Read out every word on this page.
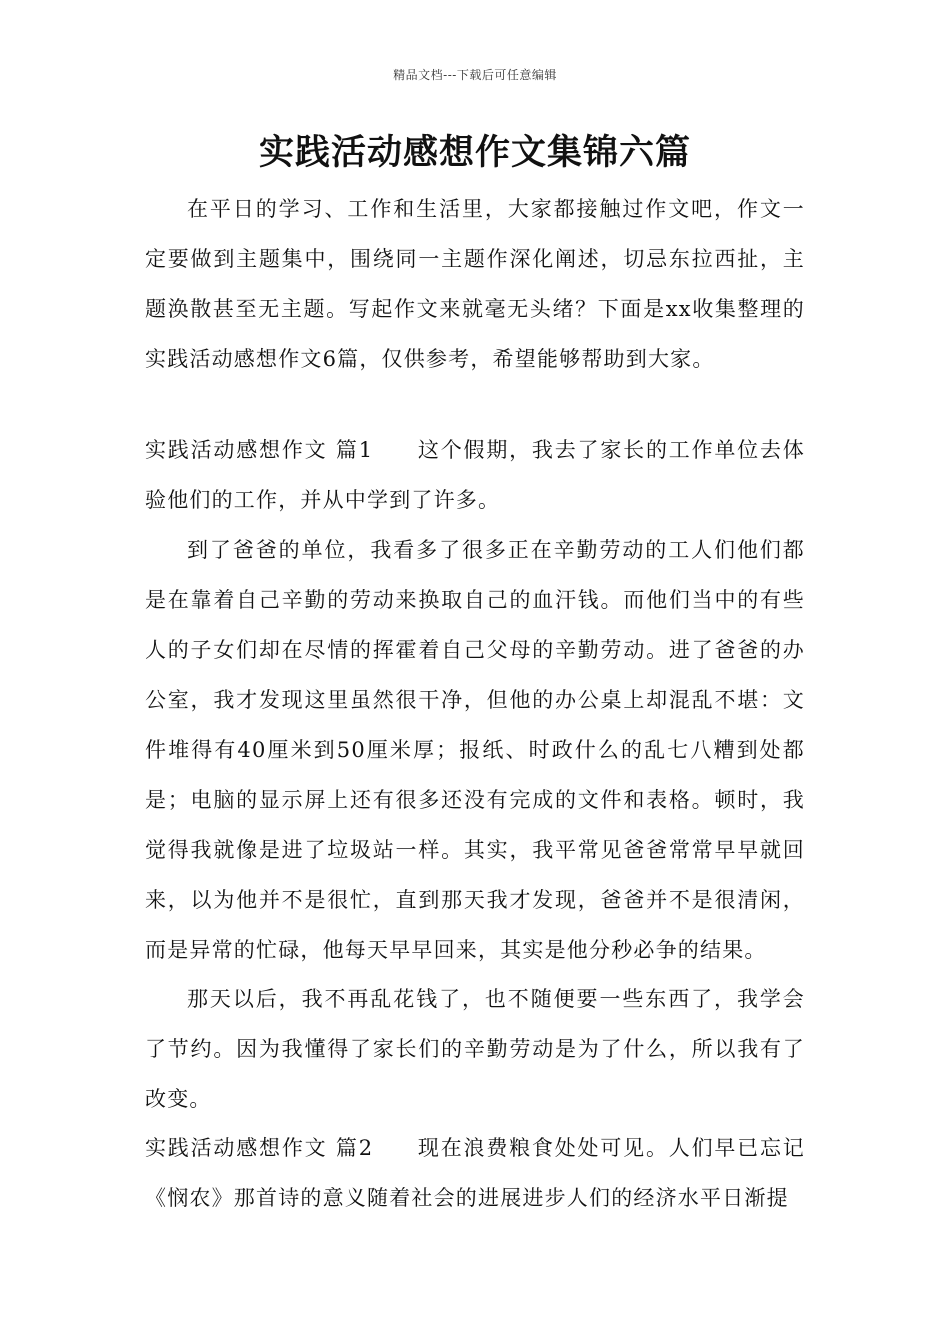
精品文档---下载后可任意编辑
实践活动感想作文集锦六篇

在平日的学习、工作和生活里，大家都接触过作文吧，作文一定要做到主题集中，围绕同一主题作深化阐述，切忌东拉西扯，主题涣散甚至无主题。写起作文来就毫无头绪？下面是xx收集整理的实践活动感想作文6篇，仅供参考，希望能够帮助到大家。

实践活动感想作文 篇1 这个假期，我去了家长的工作单位去体验他们的工作，并从中学到了许多。

到了爸爸的单位，我看多了很多正在辛勤劳动的工人们他们都是在靠着自己辛勤的劳动来换取自己的血汗钱。而他们当中的有些人的子女们却在尽情的挥霍着自己父母的辛勤劳动。进了爸爸的办公室，我才发现这里虽然很干净，但他的办公桌上却混乱不堪：文件堆得有40厘米到50厘米厚；报纸、时政什么的乱七八糟到处都是；电脑的显示屏上还有很多还没有完成的文件和表格。顿时，我觉得我就像是进了垃圾站一样。其实，我平常见爸爸常常早早就回来，以为他并不是很忙，直到那天我才发现，爸爸并不是很清闲，而是异常的忙碌，他每天早早回来，其实是他分秒必争的结果。

那天以后，我不再乱花钱了，也不随便要一些东西了，我学会了节约。因为我懂得了家长们的辛勤劳动是为了什么，所以我有了改变。

实践活动感想作文 篇2 现在浪费粮食处处可见。人们早已忘记《悯农》那首诗的意义随着社会的进展进步人们的经济水平日渐提
